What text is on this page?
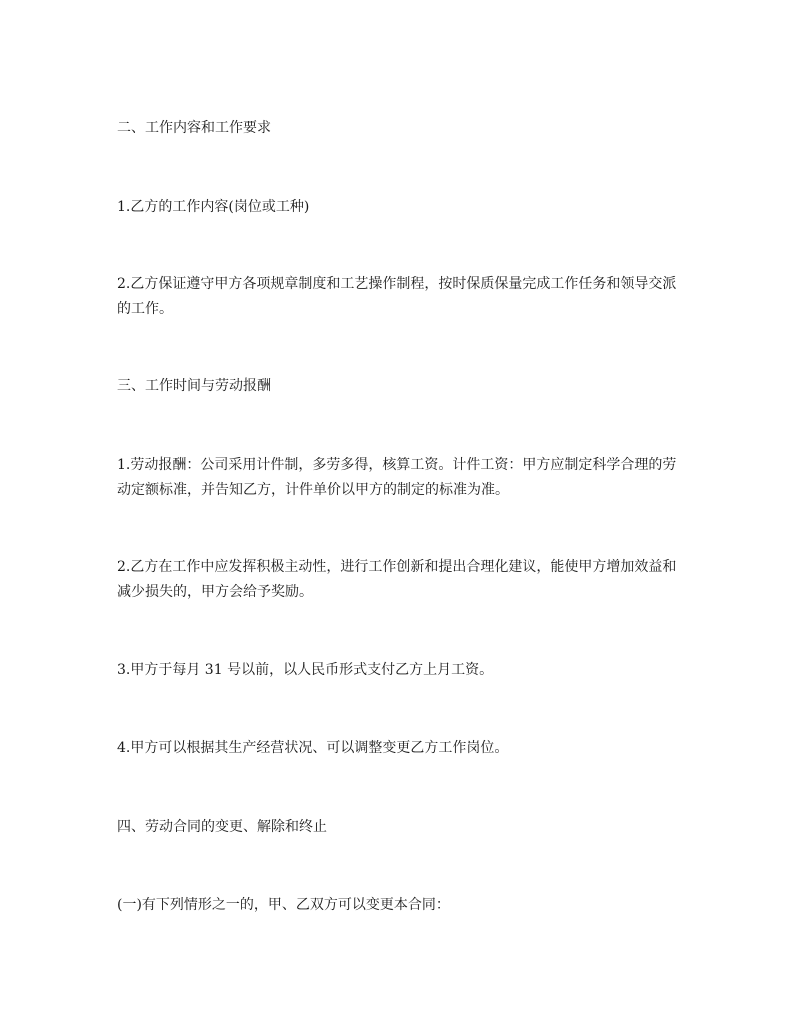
二、工作内容和工作要求

1.乙方的工作内容(岗位或工种)

2.乙方保证遵守甲方各项规章制度和工艺操作制程，按时保质保量完成工作任务和领导交派的工作。

三、工作时间与劳动报酬

1.劳动报酬：公司采用计件制，多劳多得，核算工资。计件工资：甲方应制定科学合理的劳动定额标准，并告知乙方，计件单价以甲方的制定的标准为准。

2.乙方在工作中应发挥积极主动性，进行工作创新和提出合理化建议，能使甲方增加效益和减少损失的，甲方会给予奖励。

3.甲方于每月 31 号以前，以人民币形式支付乙方上月工资。

4.甲方可以根据其生产经营状况、可以调整变更乙方工作岗位。

四、劳动合同的变更、解除和终止

(一)有下列情形之一的，甲、乙双方可以变更本合同：
